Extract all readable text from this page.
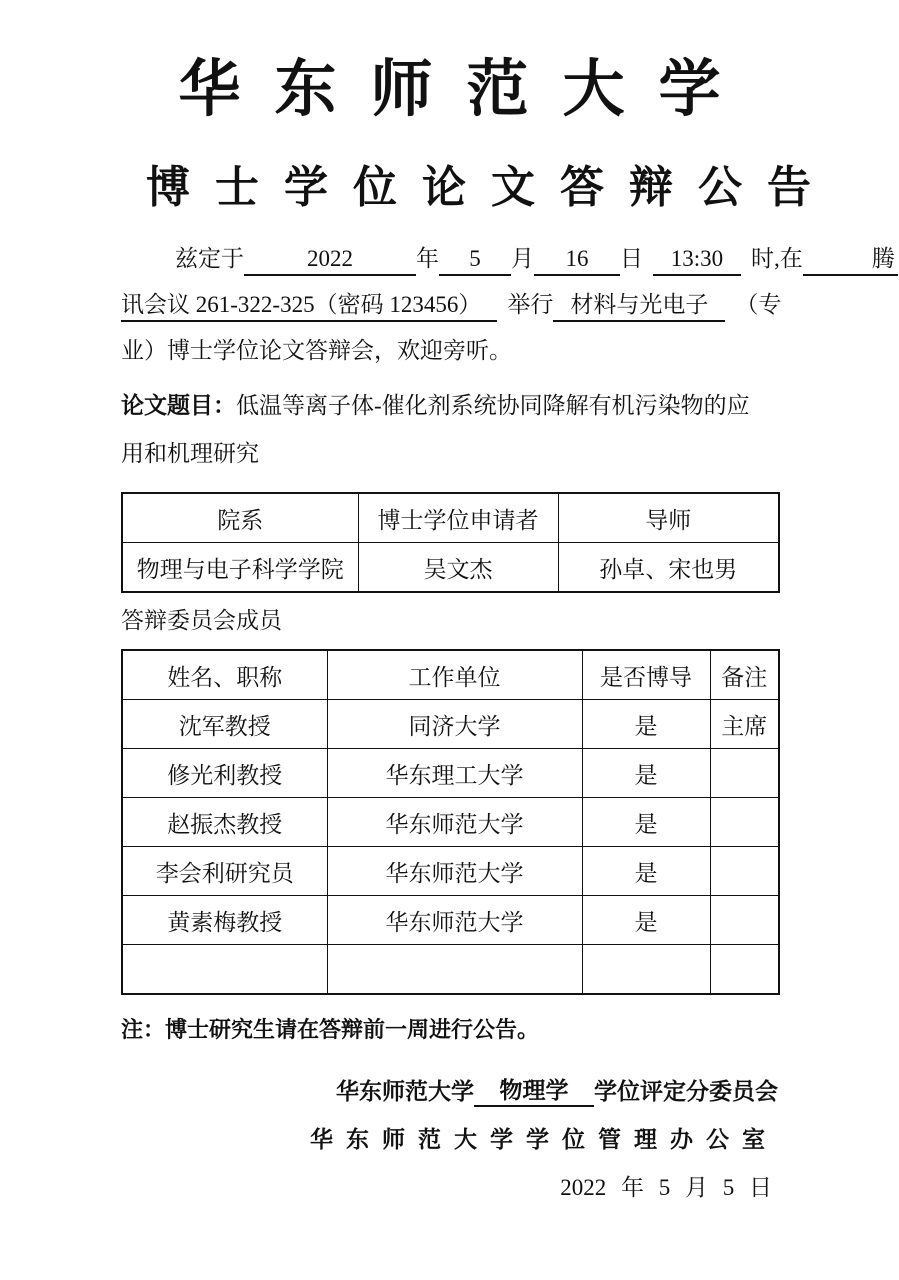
华东师范大学
博士学位论文答辩公告
兹定于	2022	年 5 月 16 日 13:30 时,在	腾
讯会议 261-322-325（密码 123456） 举行 材料与光电子 （专
业）博士学位论文答辩会，欢迎旁听。
论文题目：低温等离子体-催化剂系统协同降解有机污染物的应
用和机理研究
院系	博士学位申请者	导师
物理与电子科学学院	吴文杰	孙卓、宋也男
答辩委员会成员
姓名、职称	工作单位	是否博导	备注
沈军教授	同济大学	是	主席
修光利教授	华东理工大学	是	
赵振杰教授	华东师范大学	是	
李会利研究员	华东师范大学	是	
黄素梅教授	华东师范大学	是	

注：博士研究生请在答辩前一周进行公告。
华东师范大学 物理学 学位评定分委员会
华东师范大学学位管理办公室
2022 年 5 月 5 日
